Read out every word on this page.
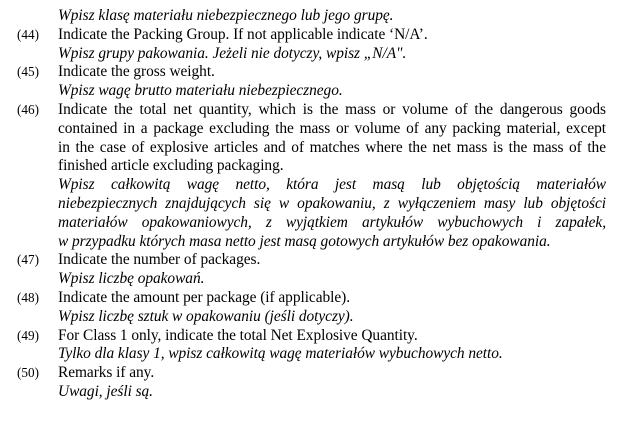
Wpisz klasę materiału niebezpiecznego lub jego grupę.
(44)	Indicate the Packing Group. If not applicable indicate ‘N/A’.
Wpisz grupy pakowania. Jeżeli nie dotyczy, wpisz „N/A".
(45)	Indicate the gross weight.
Wpisz wagę brutto materiału niebezpiecznego.
(46)	Indicate the total net quantity, which is the mass or volume of the dangerous goods
contained in a package excluding the mass or volume of any packing material, except
in the case of explosive articles and of matches where the net mass is the mass of the
finished article excluding packaging.
Wpisz całkowitą wagę netto, która jest masą lub objętością materiałów
niebezpiecznych znajdujących się w opakowaniu, z wyłączeniem masy lub objętości
materiałów opakowaniowych, z wyjątkiem artykułów wybuchowych i zapałek,
w przypadku których masa netto jest masą gotowych artykułów bez opakowania.
(47)	Indicate the number of packages.
Wpisz liczbę opakowań.
(48)	Indicate the amount per package (if applicable).
Wpisz liczbę sztuk w opakowaniu (jeśli dotyczy).
(49)	For Class 1 only, indicate the total Net Explosive Quantity.
Tylko dla klasy 1, wpisz całkowitą wagę materiałów wybuchowych netto.
(50)	Remarks if any.
Uwagi, jeśli są.
